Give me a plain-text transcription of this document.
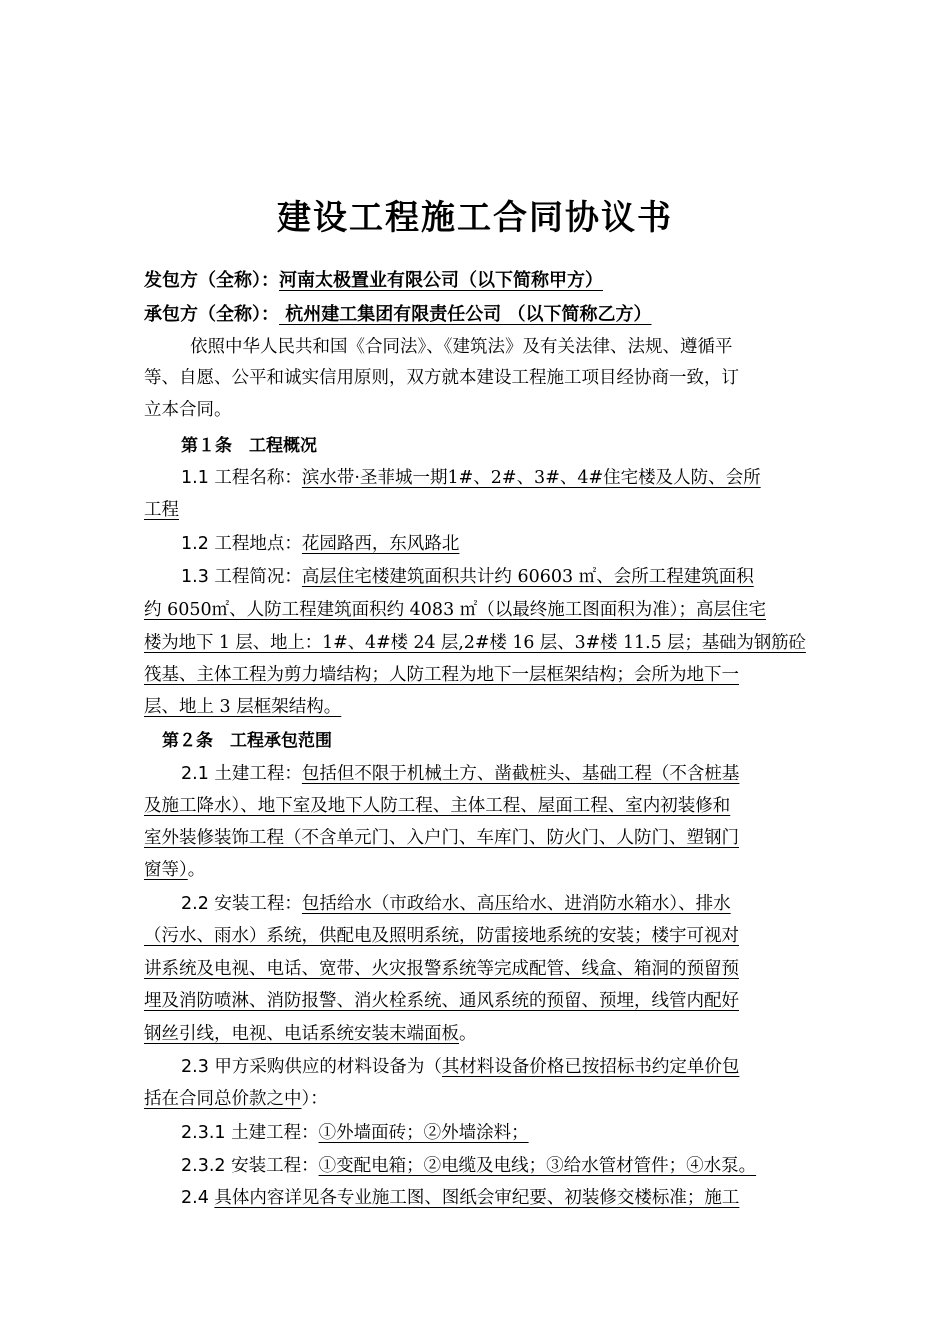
建设工程施工合同协议书
发包方（全称）：河南太极置业有限公司（以下简称甲方）
承包方（全称）： 杭州建工集团有限责任公司 （以下简称乙方）
依照中华人民共和国《合同法》、《建筑法》及有关法律、法规、遵循平
等、自愿、公平和诚实信用原则，双方就本建设工程施工项目经协商一致，订
立本合同。
第１条　工程概况
1.1 工程名称：滨水带·圣菲城一期1#、2#、3#、4#住宅楼及人防、会所
工程
1.2 工程地点：花园路西，东风路北
1.3 工程简况：高层住宅楼建筑面积共计约 60603 ㎡、会所工程建筑面积
约 6050㎡、人防工程建筑面积约 4083 ㎡（以最终施工图面积为准）；高层住宅
楼为地下 1 层、地上：1#、4#楼 24 层,2#楼 16 层、3#楼 11.5 层；基础为钢筋砼
筏基、主体工程为剪力墙结构；人防工程为地下一层框架结构；会所为地下一
层、地上 3 层框架结构。
第２条　工程承包范围
2.1 土建工程：包括但不限于机械土方、凿截桩头、基础工程（不含桩基
及施工降水）、地下室及地下人防工程、主体工程、屋面工程、室内初装修和
室外装修装饰工程（不含单元门、入户门、车库门、防火门、人防门、塑钢门
窗等）。
2.2 安装工程：包括给水（市政给水、高压给水、进消防水箱水）、排水
（污水、雨水）系统，供配电及照明系统，防雷接地系统的安装；楼宇可视对
讲系统及电视、电话、宽带、火灾报警系统等完成配管、线盒、箱洞的预留预
埋及消防喷淋、消防报警、消火栓系统、通风系统的预留、预埋，线管内配好
钢丝引线，电视、电话系统安装末端面板。
2.3 甲方采购供应的材料设备为（其材料设备价格已按招标书约定单价包
括在合同总价款之中）：
2.3.1 土建工程：①外墙面砖；②外墙涂料；
2.3.2 安装工程：①变配电箱；②电缆及电线；③给水管材管件；④水泵。
2.4 具体内容详见各专业施工图、图纸会审纪要、初装修交楼标准；施工
